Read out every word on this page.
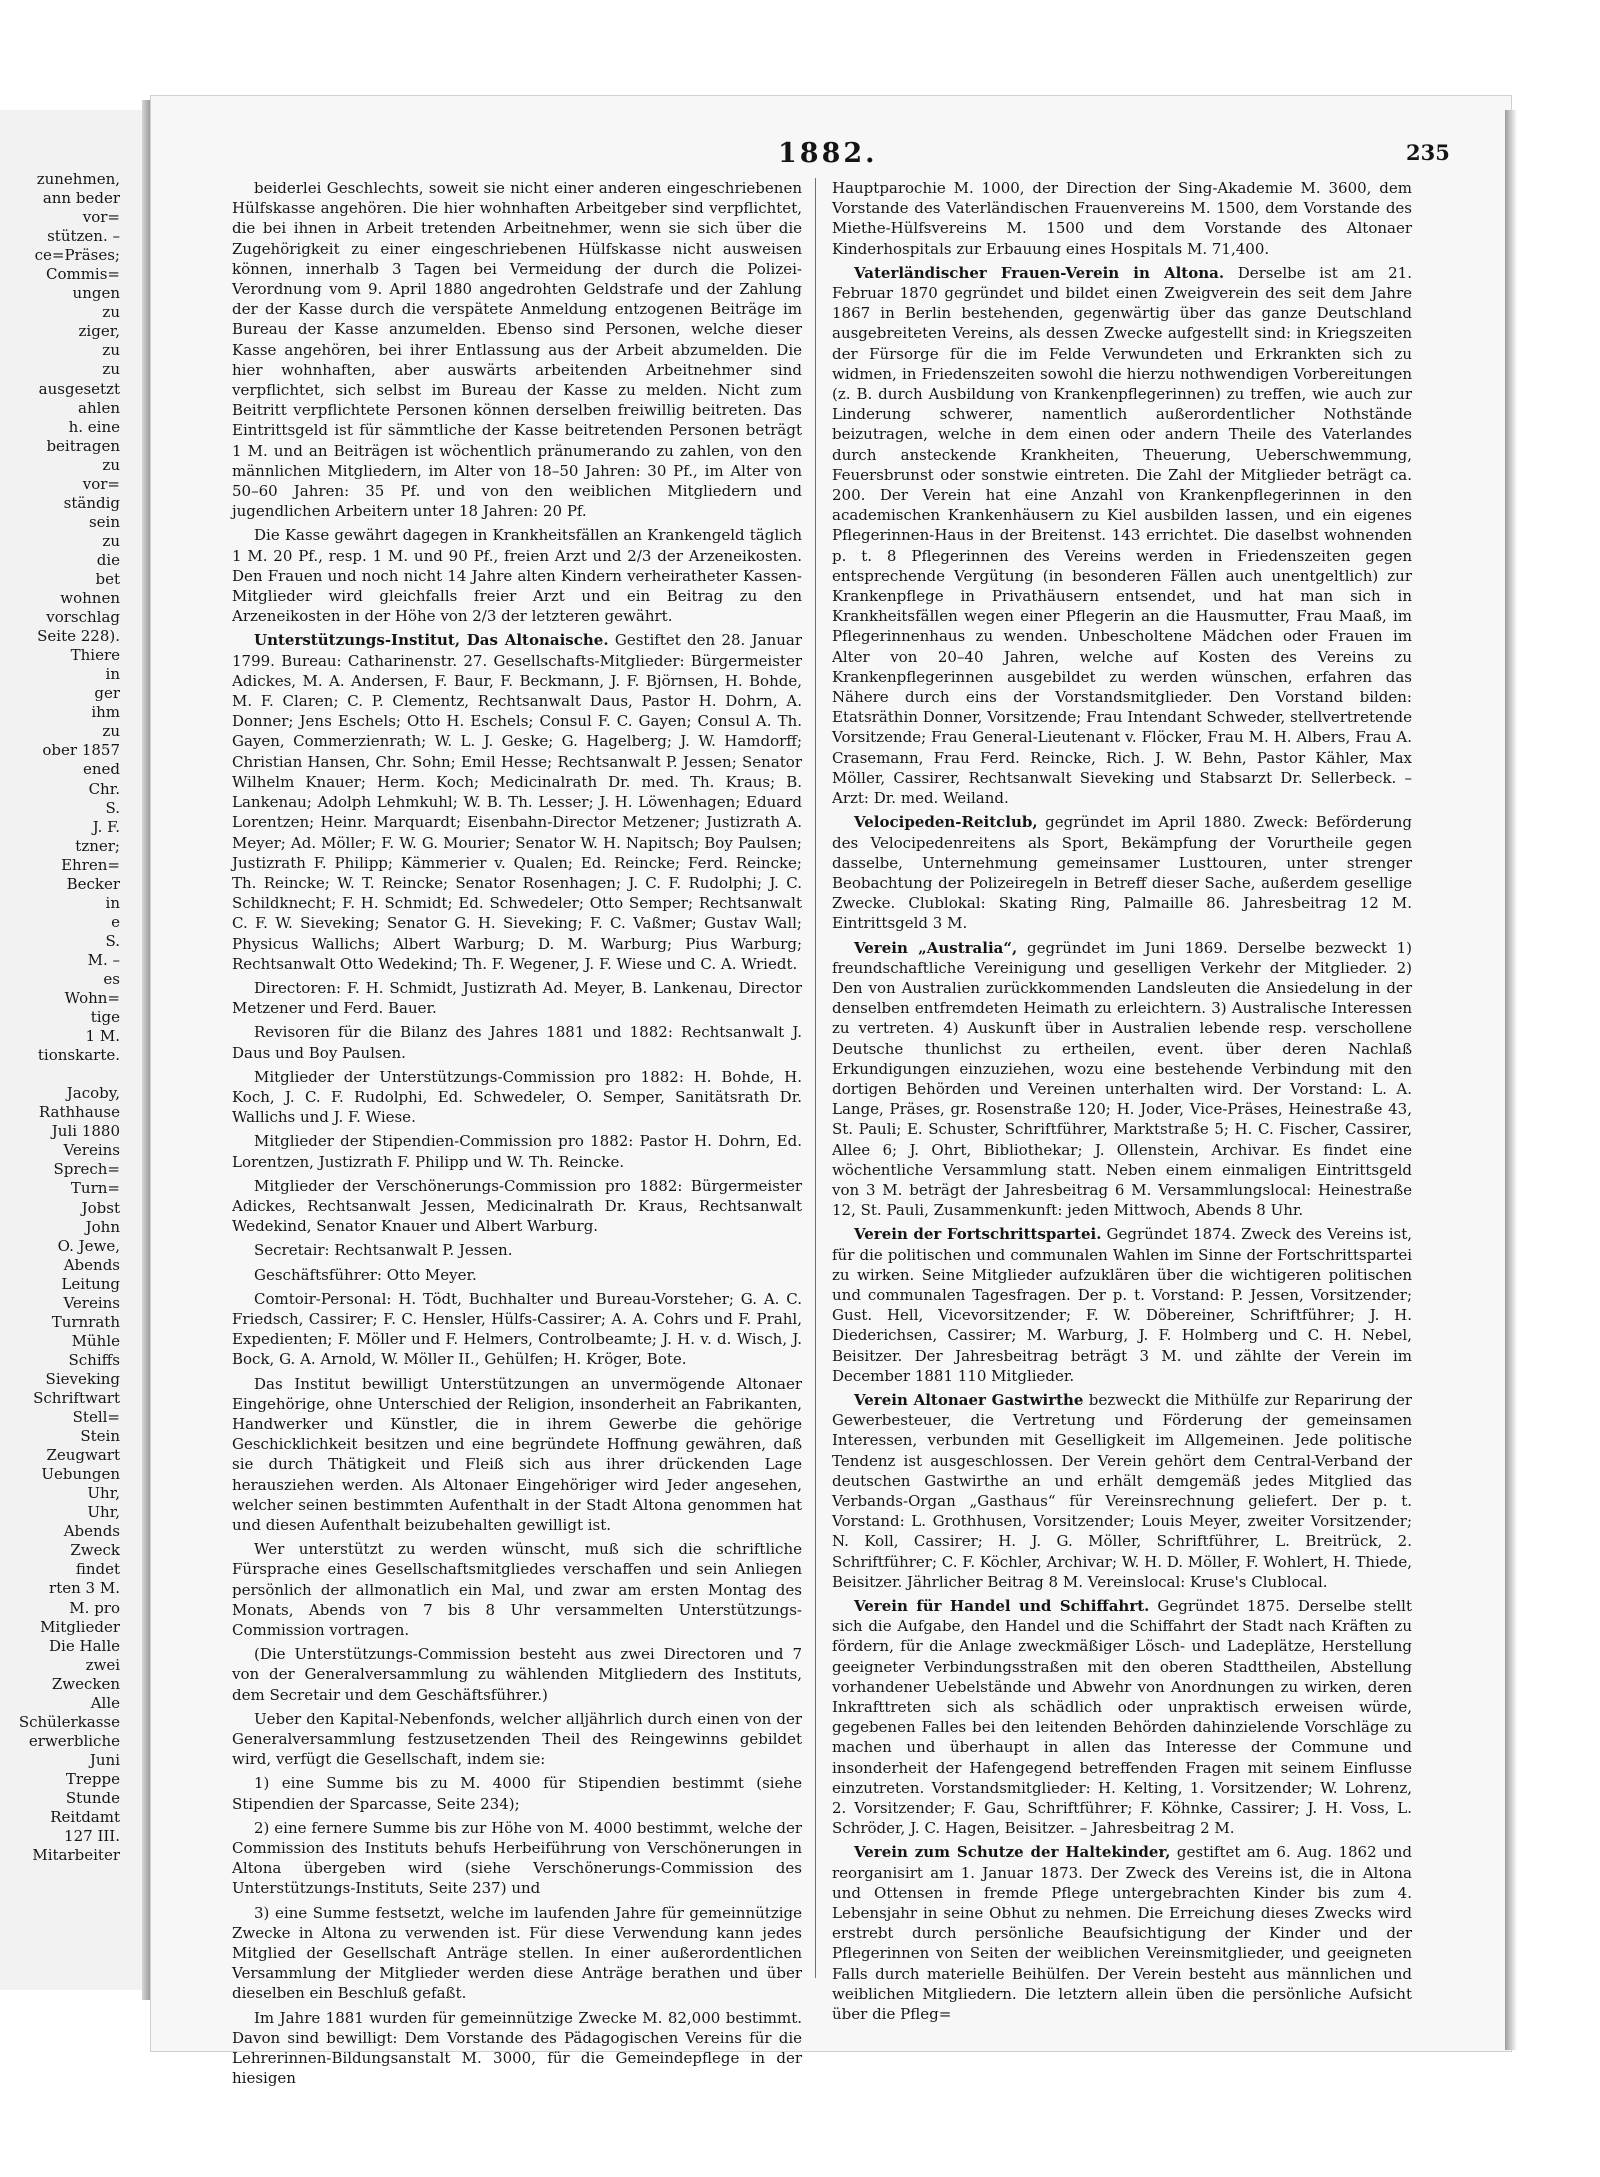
zunehmen,

ann beder

vor=

stützen. –

ce=Präses;

Commis=

ungen

zu

ziger,

zu

zu

ausgesetzt

ahlen

h. eine

beitragen

zu

vor=

ständig

sein

zu

die

bet

wohnen

vorschlag

Seite 228).

Thiere

in

ger

ihm

zu

ober 1857

ened

Chr.

S.

J. F.

tzner;

Ehren=

Becker

in

e

S.

M. –

es

Wohn=

tige

1 M.

tionskarte.

Jacoby,

Rathhause

Juli 1880

Vereins

Sprech=

Turn=

Jobst

John

O. Jewe,

Abends

Leitung

Vereins

Turnrath

Mühle

Schiffs

Sieveking

Schriftwart

Stell=

Stein

Zeugwart

Uebungen

Uhr,

Uhr,

Abends

Zweck

findet

rten 3 M.

M. pro

Mitglieder

Die Halle

zwei

Zwecken

Alle

Schülerkasse

erwerbliche

Juni

Treppe

Stunde

Reitdamt

127 III.

Mitarbeiter

1882.	235

beiderlei Geschlechts, soweit sie nicht einer anderen eingeschriebenen Hülfskasse angehören. Die hier wohnhaften Arbeitgeber sind verpflichtet, die bei ihnen in Arbeit tretenden Arbeitnehmer, wenn sie sich über die Zugehörigkeit zu einer eingeschriebenen Hülfskasse nicht ausweisen können, innerhalb 3 Tagen bei Vermeidung der durch die Polizei-Verordnung vom 9. April 1880 angedrohten Geldstrafe und der Zahlung der der Kasse durch die verspätete Anmeldung entzogenen Beiträge im Bureau der Kasse anzumelden. Ebenso sind Personen, welche dieser Kasse angehören, bei ihrer Entlassung aus der Arbeit abzumelden. Die hier wohnhaften, aber auswärts arbeitenden Arbeitnehmer sind verpflichtet, sich selbst im Bureau der Kasse zu melden. Nicht zum Beitritt verpflichtete Personen können derselben freiwillig beitreten. Das Eintrittsgeld ist für sämmtliche der Kasse beitretenden Personen beträgt 1 M. und an Beiträgen ist wöchentlich pränumerando zu zahlen, von den männlichen Mitgliedern, im Alter von 18–50 Jahren: 30 Pf., im Alter von 50–60 Jahren: 35 Pf. und von den weiblichen Mitgliedern und jugendlichen Arbeitern unter 18 Jahren: 20 Pf.

Die Kasse gewährt dagegen in Krankheitsfällen an Krankengeld täglich 1 M. 20 Pf., resp. 1 M. und 90 Pf., freien Arzt und 2/3 der Arzeneikosten. Den Frauen und noch nicht 14 Jahre alten Kindern verheiratheter Kassen-Mitglieder wird gleichfalls freier Arzt und ein Beitrag zu den Arzeneikosten in der Höhe von 2/3 der letzteren gewährt.

Unterstützungs-Institut, Das Altonaische. Gestiftet den 28. Januar 1799. Bureau: Catharinenstr. 27. Gesellschafts-Mitglieder: Bürgermeister Adickes, M. A. Andersen, F. Baur, F. Beckmann, J. F. Björnsen, H. Bohde, M. F. Claren; C. P. Clementz, Rechtsanwalt Daus, Pastor H. Dohrn, A. Donner; Jens Eschels; Otto H. Eschels; Consul F. C. Gayen; Consul A. Th. Gayen, Commerzienrath; W. L. J. Geske; G. Hagelberg; J. W. Hamdorff; Christian Hansen, Chr. Sohn; Emil Hesse; Rechtsanwalt P. Jessen; Senator Wilhelm Knauer; Herm. Koch; Medicinalrath Dr. med. Th. Kraus; B. Lankenau; Adolph Lehmkuhl; W. B. Th. Lesser; J. H. Löwenhagen; Eduard Lorentzen; Heinr. Marquardt; Eisenbahn-Director Metzener; Justizrath A. Meyer; Ad. Möller; F. W. G. Mourier; Senator W. H. Napitsch; Boy Paulsen; Justizrath F. Philipp; Kämmerier v. Qualen; Ed. Reincke; Ferd. Reincke; Th. Reincke; W. T. Reincke; Senator Rosenhagen; J. C. F. Rudolphi; J. C. Schildknecht; F. H. Schmidt; Ed. Schwedeler; Otto Semper; Rechtsanwalt C. F. W. Sieveking; Senator G. H. Sieveking; F. C. Vaßmer; Gustav Wall; Physicus Wallichs; Albert Warburg; D. M. Warburg; Pius Warburg; Rechtsanwalt Otto Wedekind; Th. F. Wegener, J. F. Wiese und C. A. Wriedt.

Directoren: F. H. Schmidt, Justizrath Ad. Meyer, B. Lankenau, Director Metzener und Ferd. Bauer.

Revisoren für die Bilanz des Jahres 1881 und 1882: Rechtsanwalt J. Daus und Boy Paulsen.

Mitglieder der Unterstützungs-Commission pro 1882: H. Bohde, H. Koch, J. C. F. Rudolphi, Ed. Schwedeler, O. Semper, Sanitätsrath Dr. Wallichs und J. F. Wiese.

Mitglieder der Stipendien-Commission pro 1882: Pastor H. Dohrn, Ed. Lorentzen, Justizrath F. Philipp und W. Th. Reincke.

Mitglieder der Verschönerungs-Commission pro 1882: Bürgermeister Adickes, Rechtsanwalt Jessen, Medicinalrath Dr. Kraus, Rechtsanwalt Wedekind, Senator Knauer und Albert Warburg.

Secretair: Rechtsanwalt P. Jessen.

Geschäftsführer: Otto Meyer.

Comtoir-Personal: H. Tödt, Buchhalter und Bureau-Vorsteher; G. A. C. Friedsch, Cassirer; F. C. Hensler, Hülfs-Cassirer; A. A. Cohrs und F. Prahl, Expedienten; F. Möller und F. Helmers, Controlbeamte; J. H. v. d. Wisch, J. Bock, G. A. Arnold, W. Möller II., Gehülfen; H. Kröger, Bote.

Das Institut bewilligt Unterstützungen an unvermögende Altonaer Eingehörige, ohne Unterschied der Religion, insonderheit an Fabrikanten, Handwerker und Künstler, die in ihrem Gewerbe die gehörige Geschicklichkeit besitzen und eine begründete Hoffnung gewähren, daß sie durch Thätigkeit und Fleiß sich aus ihrer drückenden Lage herausziehen werden. Als Altonaer Eingehöriger wird Jeder angesehen, welcher seinen bestimmten Aufenthalt in der Stadt Altona genommen hat und diesen Aufenthalt beizubehalten gewilligt ist.

Wer unterstützt zu werden wünscht, muß sich die schriftliche Fürsprache eines Gesellschaftsmitgliedes verschaffen und sein Anliegen persönlich der allmonatlich ein Mal, und zwar am ersten Montag des Monats, Abends von 7 bis 8 Uhr versammelten Unterstützungs-Commission vortragen.

(Die Unterstützungs-Commission besteht aus zwei Directoren und 7 von der Generalversammlung zu wählenden Mitgliedern des Instituts, dem Secretair und dem Geschäftsführer.)

Ueber den Kapital-Nebenfonds, welcher alljährlich durch einen von der Generalversammlung festzusetzenden Theil des Reingewinns gebildet wird, verfügt die Gesellschaft, indem sie:

1) eine Summe bis zu M. 4000 für Stipendien bestimmt (siehe Stipendien der Sparcasse, Seite 234);

2) eine fernere Summe bis zur Höhe von M. 4000 bestimmt, welche der Commission des Instituts behufs Herbeiführung von Verschönerungen in Altona übergeben wird (siehe Verschönerungs-Commission des Unterstützungs-Instituts, Seite 237) und

3) eine Summe festsetzt, welche im laufenden Jahre für gemeinnützige Zwecke in Altona zu verwenden ist. Für diese Verwendung kann jedes Mitglied der Gesellschaft Anträge stellen. In einer außerordentlichen Versammlung der Mitglieder werden diese Anträge berathen und über dieselben ein Beschluß gefaßt.

Im Jahre 1881 wurden für gemeinnützige Zwecke M. 82,000 bestimmt. Davon sind bewilligt: Dem Vorstande des Pädagogischen Vereins für die Lehrerinnen-Bildungsanstalt M. 3000, für die Gemeindepflege in der hiesigen

Hauptparochie M. 1000, der Direction der Sing-Akademie M. 3600, dem Vorstande des Vaterländischen Frauenvereins M. 1500, dem Vorstande des Miethe-Hülfsvereins M. 1500 und dem Vorstande des Altonaer Kinderhospitals zur Erbauung eines Hospitals M. 71,400.

Vaterländischer Frauen-Verein in Altona. Derselbe ist am 21. Februar 1870 gegründet und bildet einen Zweigverein des seit dem Jahre 1867 in Berlin bestehenden, gegenwärtig über das ganze Deutschland ausgebreiteten Vereins, als dessen Zwecke aufgestellt sind: in Kriegszeiten der Fürsorge für die im Felde Verwundeten und Erkrankten sich zu widmen, in Friedenszeiten sowohl die hierzu nothwendigen Vorbereitungen (z. B. durch Ausbildung von Krankenpflegerinnen) zu treffen, wie auch zur Linderung schwerer, namentlich außerordentlicher Nothstände beizutragen, welche in dem einen oder andern Theile des Vaterlandes durch ansteckende Krankheiten, Theuerung, Ueberschwemmung, Feuersbrunst oder sonstwie eintreten. Die Zahl der Mitglieder beträgt ca. 200. Der Verein hat eine Anzahl von Krankenpflegerinnen in den academischen Krankenhäusern zu Kiel ausbilden lassen, und ein eigenes Pflegerinnen-Haus in der Breitenst. 143 errichtet. Die daselbst wohnenden p. t. 8 Pflegerinnen des Vereins werden in Friedenszeiten gegen entsprechende Vergütung (in besonderen Fällen auch unentgeltlich) zur Krankenpflege in Privathäusern entsendet, und hat man sich in Krankheitsfällen wegen einer Pflegerin an die Hausmutter, Frau Maaß, im Pflegerinnenhaus zu wenden. Unbescholtene Mädchen oder Frauen im Alter von 20–40 Jahren, welche auf Kosten des Vereins zu Krankenpflegerinnen ausgebildet zu werden wünschen, erfahren das Nähere durch eins der Vorstandsmitglieder. Den Vorstand bilden: Etatsräthin Donner, Vorsitzende; Frau Intendant Schweder, stellvertretende Vorsitzende; Frau General-Lieutenant v. Flöcker, Frau M. H. Albers, Frau A. Crasemann, Frau Ferd. Reincke, Rich. J. W. Behn, Pastor Kähler, Max Möller, Cassirer, Rechtsanwalt Sieveking und Stabsarzt Dr. Sellerbeck. – Arzt: Dr. med. Weiland.

Velocipeden-Reitclub, gegründet im April 1880. Zweck: Beförderung des Velocipedenreitens als Sport, Bekämpfung der Vorurtheile gegen dasselbe, Unternehmung gemeinsamer Lusttouren, unter strenger Beobachtung der Polizeiregeln in Betreff dieser Sache, außerdem gesellige Zwecke. Clublokal: Skating Ring, Palmaille 86. Jahresbeitrag 12 M. Eintrittsgeld 3 M.

Verein „Australia“, gegründet im Juni 1869. Derselbe bezweckt 1) freundschaftliche Vereinigung und geselligen Verkehr der Mitglieder. 2) Den von Australien zurückkommenden Landsleuten die Ansiedelung in der denselben entfremdeten Heimath zu erleichtern. 3) Australische Interessen zu vertreten. 4) Auskunft über in Australien lebende resp. verschollene Deutsche thunlichst zu ertheilen, event. über deren Nachlaß Erkundigungen einzuziehen, wozu eine bestehende Verbindung mit den dortigen Behörden und Vereinen unterhalten wird. Der Vorstand: L. A. Lange, Präses, gr. Rosenstraße 120; H. Joder, Vice-Präses, Heinestraße 43, St. Pauli; E. Schuster, Schriftführer, Marktstraße 5; H. C. Fischer, Cassirer, Allee 6; J. Ohrt, Bibliothekar; J. Ollenstein, Archivar. Es findet eine wöchentliche Versammlung statt. Neben einem einmaligen Eintrittsgeld von 3 M. beträgt der Jahresbeitrag 6 M. Versammlungslocal: Heinestraße 12, St. Pauli, Zusammenkunft: jeden Mittwoch, Abends 8 Uhr.

Verein der Fortschrittspartei. Gegründet 1874. Zweck des Vereins ist, für die politischen und communalen Wahlen im Sinne der Fortschrittspartei zu wirken. Seine Mitglieder aufzuklären über die wichtigeren politischen und communalen Tagesfragen. Der p. t. Vorstand: P. Jessen, Vorsitzender; Gust. Hell, Vicevorsitzender; F. W. Döbereiner, Schriftführer; J. H. Diederichsen, Cassirer; M. Warburg, J. F. Holmberg und C. H. Nebel, Beisitzer. Der Jahresbeitrag beträgt 3 M. und zählte der Verein im December 1881 110 Mitglieder.

Verein Altonaer Gastwirthe bezweckt die Mithülfe zur Reparirung der Gewerbesteuer, die Vertretung und Förderung der gemeinsamen Interessen, verbunden mit Geselligkeit im Allgemeinen. Jede politische Tendenz ist ausgeschlossen. Der Verein gehört dem Central-Verband der deutschen Gastwirthe an und erhält demgemäß jedes Mitglied das Verbands-Organ „Gasthaus“ für Vereinsrechnung geliefert. Der p. t. Vorstand: L. Grothhusen, Vorsitzender; Louis Meyer, zweiter Vorsitzender; N. Koll, Cassirer; H. J. G. Möller, Schriftführer, L. Breitrück, 2. Schriftführer; C. F. Köchler, Archivar; W. H. D. Möller, F. Wohlert, H. Thiede, Beisitzer. Jährlicher Beitrag 8 M. Vereinslocal: Kruse's Clublocal.

Verein für Handel und Schiffahrt. Gegründet 1875. Derselbe stellt sich die Aufgabe, den Handel und die Schiffahrt der Stadt nach Kräften zu fördern, für die Anlage zweckmäßiger Lösch- und Ladeplätze, Herstellung geeigneter Verbindungsstraßen mit den oberen Stadttheilen, Abstellung vorhandener Uebelstände und Abwehr von Anordnungen zu wirken, deren Inkrafttreten sich als schädlich oder unpraktisch erweisen würde, gegebenen Falles bei den leitenden Behörden dahinzielende Vorschläge zu machen und überhaupt in allen das Interesse der Commune und insonderheit der Hafengegend betreffenden Fragen mit seinem Einflusse einzutreten. Vorstandsmitglieder: H. Kelting, 1. Vorsitzender; W. Lohrenz, 2. Vorsitzender; F. Gau, Schriftführer; F. Köhnke, Cassirer; J. H. Voss, L. Schröder, J. C. Hagen, Beisitzer. – Jahresbeitrag 2 M.

Verein zum Schutze der Haltekinder, gestiftet am 6. Aug. 1862 und reorganisirt am 1. Januar 1873. Der Zweck des Vereins ist, die in Altona und Ottensen in fremde Pflege untergebrachten Kinder bis zum 4. Lebensjahr in seine Obhut zu nehmen. Die Erreichung dieses Zwecks wird erstrebt durch persönliche Beaufsichtigung der Kinder und der Pflegerinnen von Seiten der weiblichen Vereinsmitglieder, und geeigneten Falls durch materielle Beihülfen. Der Verein besteht aus männlichen und weiblichen Mitgliedern. Die letztern allein üben die persönliche Aufsicht über die Pfleg=
